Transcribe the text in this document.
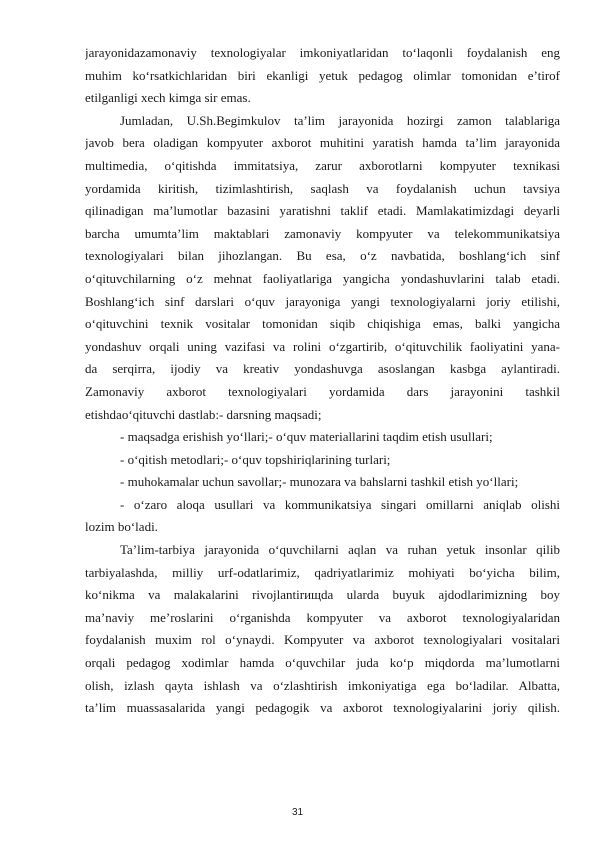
jarayonidazamonaviy texnologiyalar imkoniyatlaridan to‘laqonli foydalanish eng
muhim ko‘rsatkichlaridan biri ekanligi yetuk pedagog olimlar tomonidan e’tirof
etilganligi xech kimga sir emas.
Jumladan, U.Sh.Begimkulov ta’lim jarayonida hozirgi zamon talablariga
javob bera oladigan kompyuter axborot muhitini yaratish hamda ta’lim jarayonida
multimedia, o‘qitishda immitatsiya, zarur axborotlarni kompyuter texnikasi
yordamida kiritish, tizimlashtirish, saqlash va foydalanish uchun tavsiya
qilinadigan ma’lumotlar bazasini yaratishni taklif etadi. Mamlakatimizdagi deyarli
barcha umumta’lim maktablari zamonaviy kompyuter va telekommunikatsiya
texnologiyalari bilan jihozlangan. Bu esa, o‘z navbatida, boshlang‘ich sinf
o‘qituvchilarning o‘z mehnat faoliyatlariga yangicha yondashuvlarini talab etadi.
Boshlang‘ich sinf darslari o‘quv jarayoniga yangi texnologiyalarni joriy etilishi,
o‘qituvchini texnik vositalar tomonidan siqib chiqishiga emas, balki yangicha
yondashuv orqali uning vazifasi va rolini o‘zgartirib, o‘qituvchilik faoliyatini yana-
da serqirra, ijodiy va kreativ yondashuvga asoslangan kasbga aylantiradi.
Zamonaviy axborot texnologiyalari yordamida dars jarayonini tashkil
etishdao‘qituvchi dastlab:- darsning maqsadi;
- maqsadga erishish yo‘llari;- o‘quv materiallarini taqdim etish usullari;
- o‘qitish metodlari;- o‘quv topshiriqlarining turlari;
- muhokamalar uchun savollar;- munozara va bahslarni tashkil etish yo‘llari;
- o‘zaro aloqa usullari va kommunikatsiya singari omillarni aniqlab olishi
lozim bo‘ladi.
Ta’lim-tarbiya jarayonida o‘quvchilarni aqlan va ruhan yetuk insonlar qilib
tarbiyalashda, milliy urf-odatlarimiz, qadriyatlarimiz mohiyati bo‘yicha bilim,
ko‘nikma va malakalarini rivojlantirищda ularda buyuk ajdodlarimizning boy
ma’naviy me’roslarini o‘rganishda kompyuter va axborot texnologiyalaridan
foydalanish muxim rol o‘ynaydi. Kompyuter va axborot texnologiyalari vositalari
orqali pedagog xodimlar hamda o‘quvchilar juda ko‘p miqdorda ma’lumotlarni
olish, izlash qayta ishlash va o‘zlashtirish imkoniyatiga ega bo‘ladilar. Albatta,
ta’lim muassasalarida yangi pedagogik va axborot texnologiyalarini joriy qilish.
31
